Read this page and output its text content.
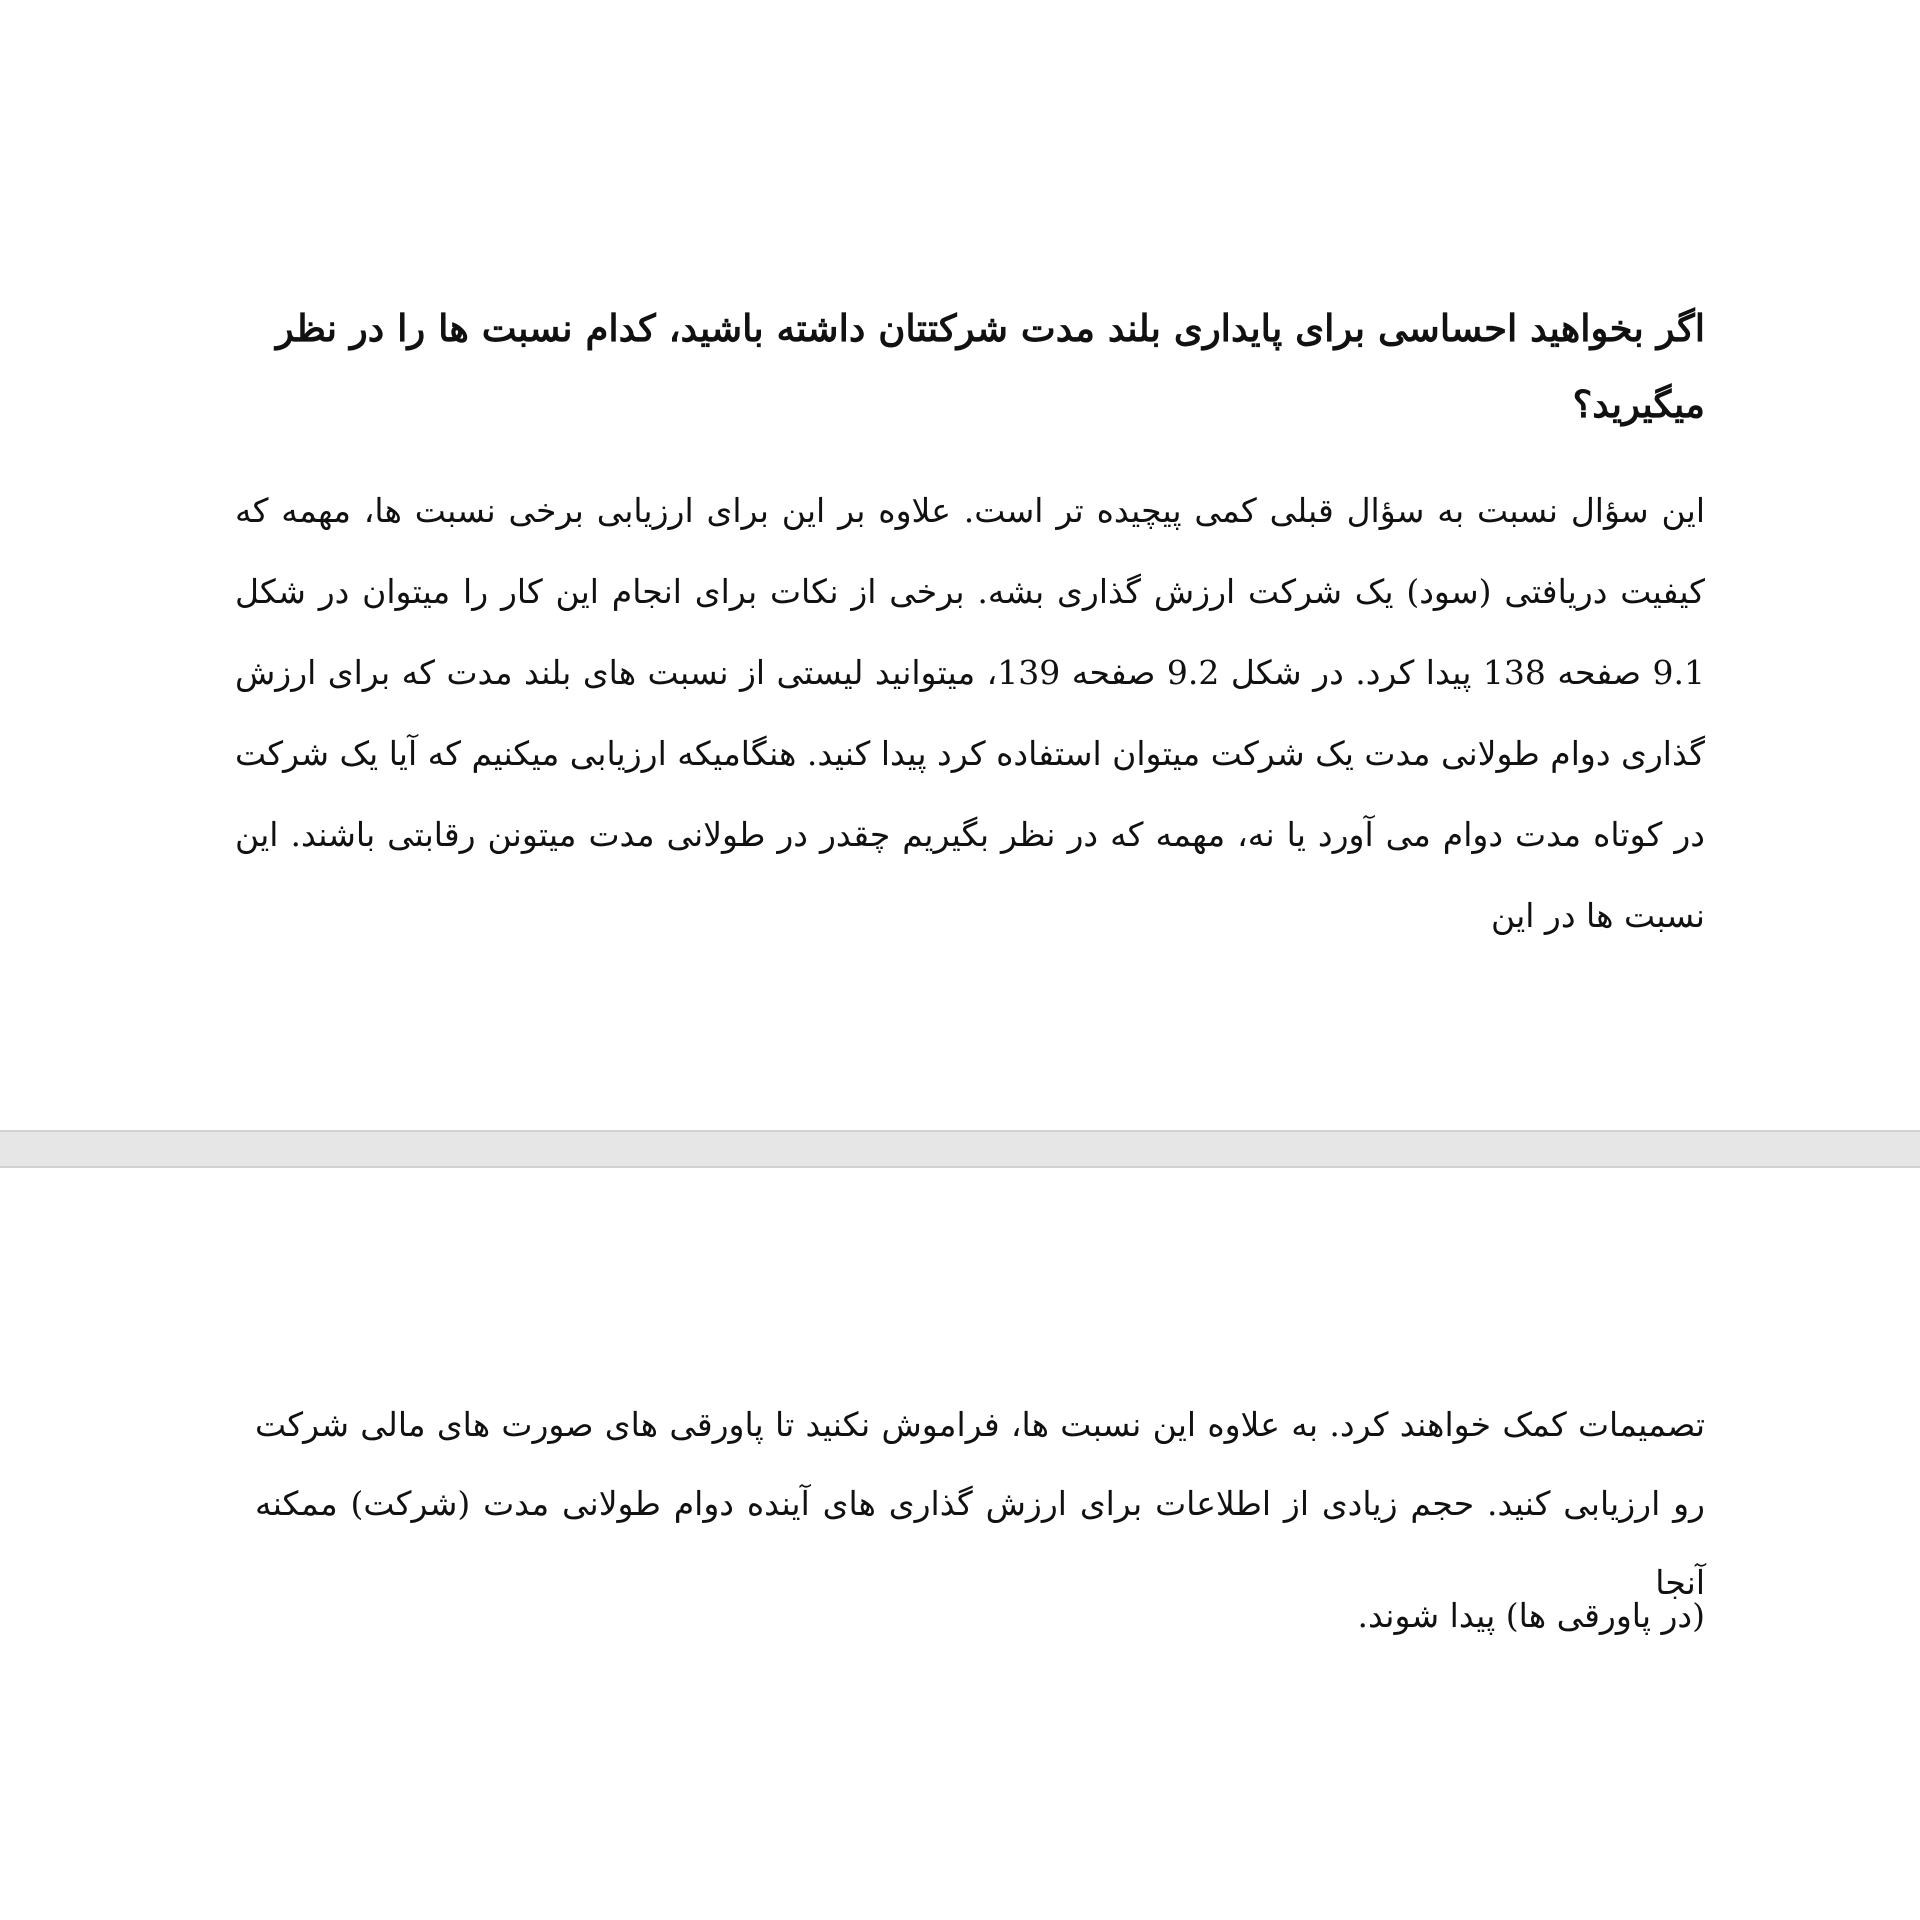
اگر بخواهید احساسی برای پایداری بلند مدت شرکتتان داشته باشید، کدام نسبت ها را در نظر میگیرید؟
این سؤال نسبت به سؤال قبلی کمی پیچیده تر است. علاوه بر این برای ارزیابی برخی نسبت ها، مهمه که کیفیت دریافتی (سود) یک شرکت ارزش گذاری بشه. برخی از نکات برای انجام این کار را میتوان در شکل 9.1 صفحه 138 پیدا کرد. در شکل 9.2 صفحه 139، میتوانید لیستی از نسبت های بلند مدت که برای ارزش گذاری دوام طولانی مدت یک شرکت میتوان استفاده کرد پیدا کنید. هنگامیکه ارزیابی میکنیم که آیا یک شرکت در کوتاه مدت دوام می آورد یا نه، مهمه که در نظر بگیریم چقدر در طولانی مدت میتونن رقابتی باشند. این نسبت ها در این
تصمیمات کمک خواهند کرد. به علاوه این نسبت ها، فراموش نکنید تا پاورقی های صورت های مالی شرکت رو ارزیابی کنید. حجم زیادی از اطلاعات برای ارزش گذاری های آینده دوام طولانی مدت (شرکت) ممکنه آنجا
(در پاورقی ها) پیدا شوند.
